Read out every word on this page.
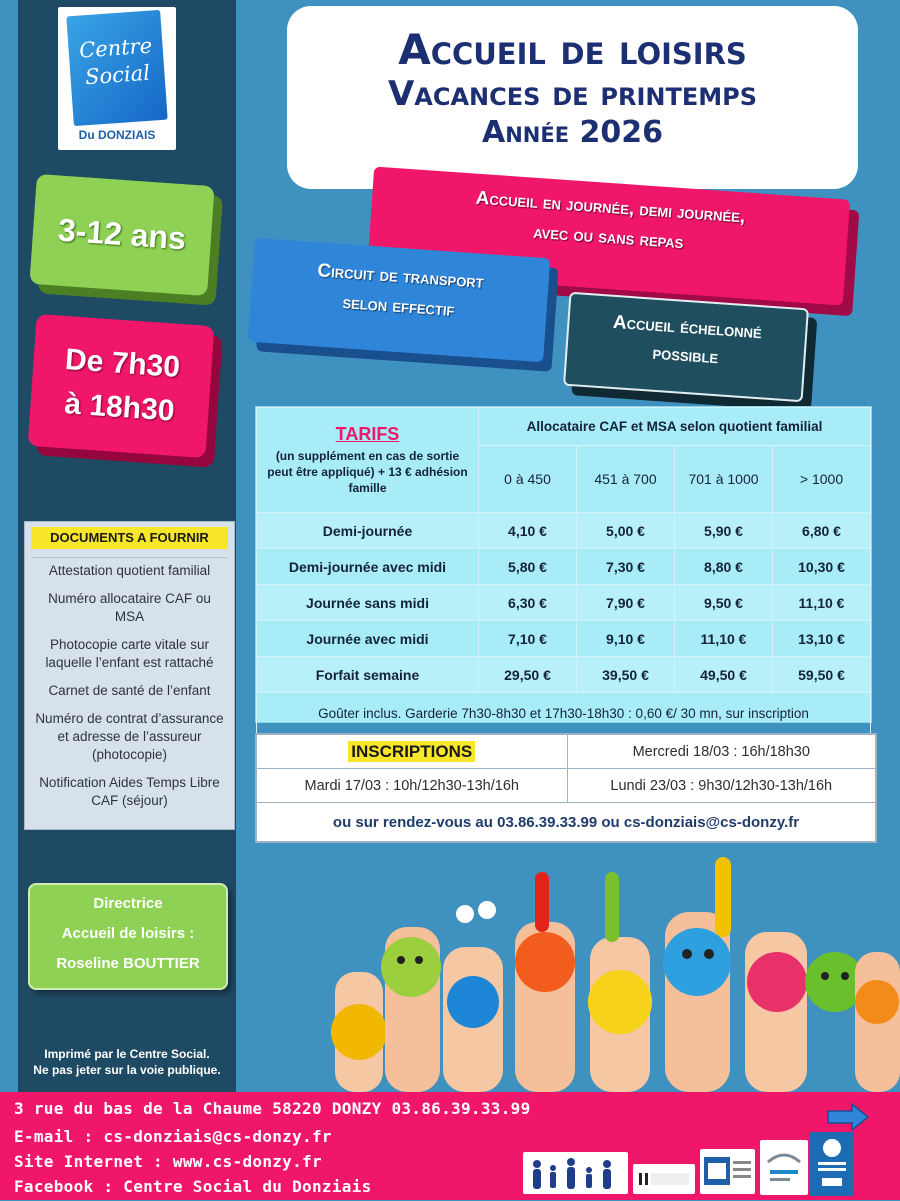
Centre
Social
Du DONZIAIS
3-12 ans
De 7h30
à 18h30
DOCUMENTS A FOURNIR
Attestation quotient familial
Numéro allocataire CAF ou MSA
Photocopie carte vitale sur laquelle l’enfant est rattaché
Carnet de santé de l’enfant
Numéro de contrat d’assurance et adresse de l’assureur (photocopie)
Notification Aides Temps Libre CAF (séjour)
Directrice
Accueil de loisirs :
Roseline BOUTTIER
Imprimé par le Centre Social.
Ne pas jeter sur la voie publique.
Accueil de loisirs
Vacances de printemps
Année 2026
Accueil en journée, demi journée,
avec ou sans repas
Circuit de transport
selon effectif
Accueil échelonné
possible
TARIFS
(un supplément en cas de sortie peut être appliqué) + 13 € adhésion famille	Allocataire CAF et MSA selon quotient familial			
	0 à 450	451 à 700	701 à 1000	> 1000
Demi-journée	4,10 €	5,00 €	5,90 €	6,80 €
Demi-journée avec midi	5,80 €	7,30 €	8,80 €	10,30 €
Journée sans midi	6,30 €	7,90 €	9,50 €	11,10 €
Journée avec midi	7,10 €	9,10 €	11,10 €	13,10 €
Forfait semaine	29,50 €	39,50 €	49,50 €	59,50 €
Goûter inclus. Garderie 7h30-8h30 et 17h30-18h30 : 0,60 €/ 30 mn, sur inscription				
INSCRIPTIONS	Mercredi 18/03 : 16h/18h30
Mardi 17/03 : 10h/12h30-13h/16h	Lundi 23/03 : 9h30/12h30-13h/16h
ou sur rendez-vous au 03.86.39.33.99 ou cs-donziais@cs-donzy.fr	
3 rue du bas de la Chaume 58220 DONZY 03.86.39.33.99
E-mail : cs-donziais@cs-donzy.fr
Site Internet : www.cs-donzy.fr
Facebook : Centre Social du Donziais
